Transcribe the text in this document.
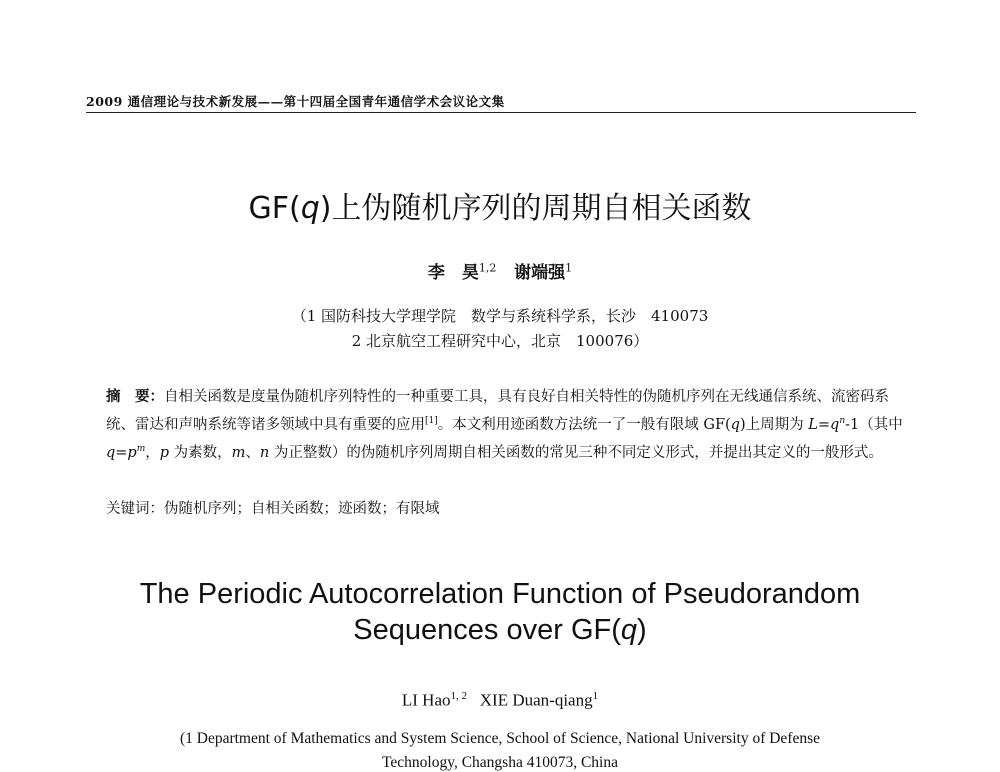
2009 通信理论与技术新发展——第十四届全国青年通信学术会议论文集
GF(q)上伪随机序列的周期自相关函数
李　昊$^{1,2}$ 谢端强$^1$
（1 国防科技大学理学院　数学与系统科学系，长沙　410073
2 北京航空工程研究中心，北京　100076）
摘　要：自相关函数是度量伪随机序列特性的一种重要工具，具有良好自相关特性的伪随机序列在无线通信系统、流密码系统、雷达和声呐系统等诸多领域中具有重要的应用[1]。本文利用迹函数方法统一了一般有限域 GF(q)上周期为 $L=q^n-1$（其中 $q=p^m$，p 为素数，m、n 为正整数）的伪随机序列周期自相关函数的常见三种不同定义形式，并提出其定义的一般形式。
关键词：伪随机序列；自相关函数；迹函数；有限域
The Periodic Autocorrelation Function of Pseudorandom
Sequences over GF(q)
LI Hao$^{1, 2}$ XIE Duan-qiang$^1$
(1 Department of Mathematics and System Science, School of Science, National University of Defense
Technology, Changsha 410073, China
